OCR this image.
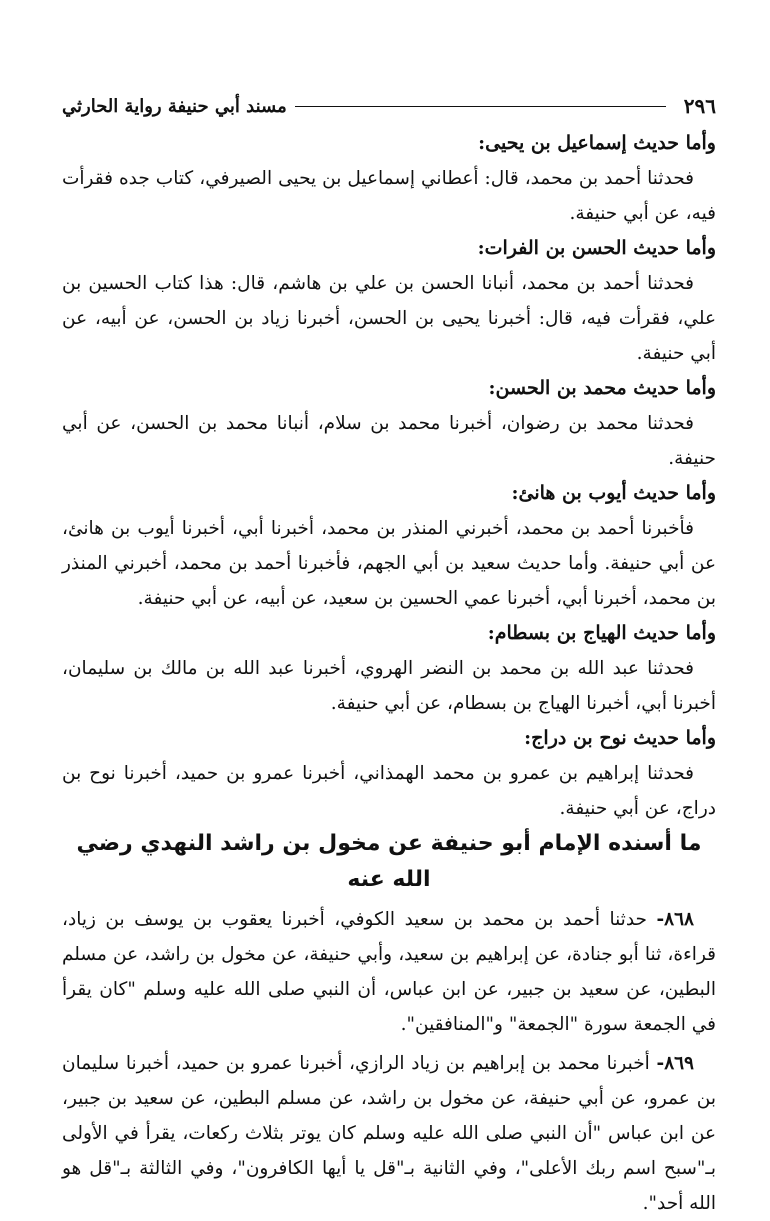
٢٩٦
مسند أبي حنيفة رواية الحارثي

وأما حديث إسماعيل بن يحيى:

فحدثنا أحمد بن محمد، قال: أعطاني إسماعيل بن يحيى الصيرفي، كتاب جده فقرأت فيه، عن أبي حنيفة.

وأما حديث الحسن بن الفرات:

فحدثنا أحمد بن محمد، أنبانا الحسن بن علي بن هاشم، قال: هذا كتاب الحسين بن علي، فقرأت فيه، قال: أخبرنا يحيى بن الحسن، أخبرنا زياد بن الحسن، عن أبيه، عن أبي حنيفة.

وأما حديث محمد بن الحسن:

فحدثنا محمد بن رضوان، أخبرنا محمد بن سلام، أنبانا محمد بن الحسن، عن أبي حنيفة.

وأما حديث أيوب بن هانئ:

فأخبرنا أحمد بن محمد، أخبرني المنذر بن محمد، أخبرنا أبي، أخبرنا أيوب بن هانئ، عن أبي حنيفة. وأما حديث سعيد بن أبي الجهم، فأخبرنا أحمد بن محمد، أخبرني المنذر بن محمد، أخبرنا أبي، أخبرنا عمي الحسين بن سعيد، عن أبيه، عن أبي حنيفة.

وأما حديث الهياج بن بسطام:

فحدثنا عبد الله بن محمد بن النضر الهروي، أخبرنا عبد الله بن مالك بن سليمان، أخبرنا أبي، أخبرنا الهياج بن بسطام، عن أبي حنيفة.

وأما حديث نوح بن دراج:

فحدثنا إبراهيم بن عمرو بن محمد الهمذاني، أخبرنا عمرو بن حميد، أخبرنا نوح بن دراج، عن أبي حنيفة.

ما أسنده الإمام أبو حنيفة عن مخول بن راشد النهدي رضي الله عنه

٨٦٨- حدثنا أحمد بن محمد بن سعيد الكوفي، أخبرنا يعقوب بن يوسف بن زياد، قراءة، ثنا أبو جنادة، عن إبراهيم بن سعيد، وأبي حنيفة، عن مخول بن راشد، عن مسلم البطين، عن سعيد بن جبير، عن ابن عباس، أن النبي صلى الله عليه وسلم "كان يقرأ في الجمعة سورة "الجمعة" و"المنافقين".

٨٦٩- أخبرنا محمد بن إبراهيم بن زياد الرازي، أخبرنا عمرو بن حميد، أخبرنا سليمان بن عمرو، عن أبي حنيفة، عن مخول بن راشد، عن مسلم البطين، عن سعيد بن جبير، عن ابن عباس "أن النبي صلى الله عليه وسلم كان يوتر بثلاث ركعات، يقرأ في الأولى بـ"سبح اسم ربك الأعلى"، وفي الثانية بـ"قل يا أيها الكافرون"، وفي الثالثة بـ"قل هو الله أحد".
